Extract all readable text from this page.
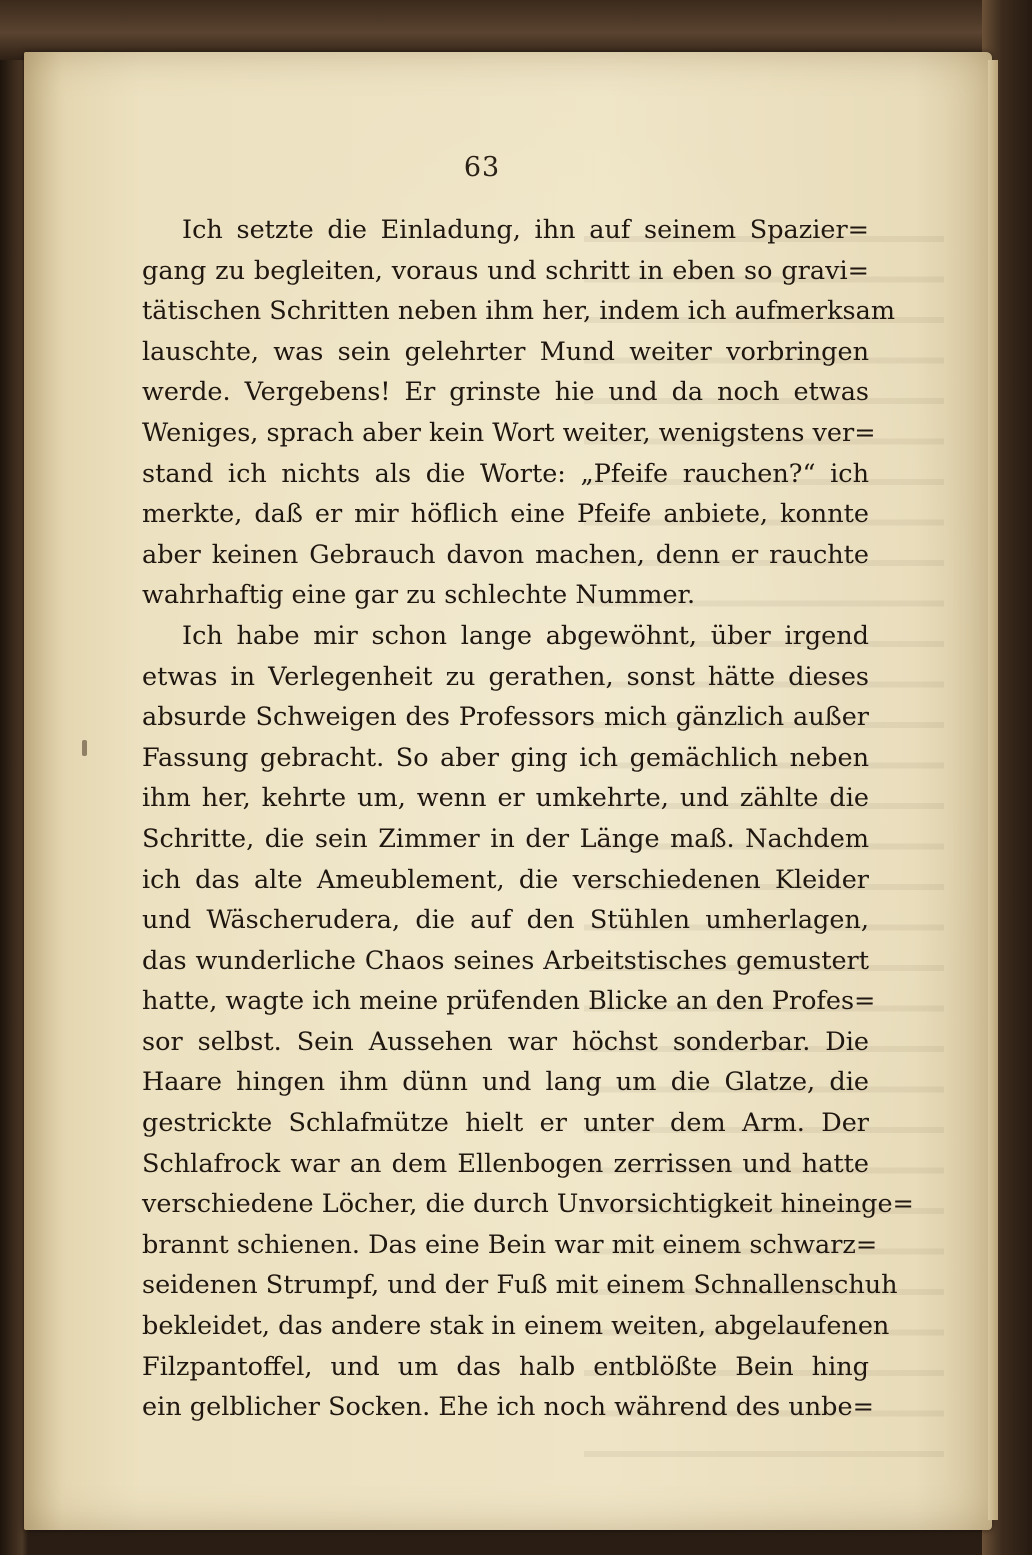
63
Ich setzte die Einladung, ihn auf seinem Spazier=
gang zu begleiten, voraus und schritt in eben so gravi=
tätischen Schritten neben ihm her, indem ich aufmerksam
lauschte, was sein gelehrter Mund weiter vorbringen
werde. Vergebens! Er grinste hie und da noch etwas
Weniges, sprach aber kein Wort weiter, wenigstens ver=
stand ich nichts als die Worte: „Pfeife rauchen?“ ich
merkte, daß er mir höflich eine Pfeife anbiete, konnte
aber keinen Gebrauch davon machen, denn er rauchte
wahrhaftig eine gar zu schlechte Nummer.
Ich habe mir schon lange abgewöhnt, über irgend
etwas in Verlegenheit zu gerathen, sonst hätte dieses
absurde Schweigen des Professors mich gänzlich außer
Fassung gebracht. So aber ging ich gemächlich neben
ihm her, kehrte um, wenn er umkehrte, und zählte die
Schritte, die sein Zimmer in der Länge maß. Nachdem
ich das alte Ameublement, die verschiedenen Kleider
und Wäscherudera, die auf den Stühlen umherlagen,
das wunderliche Chaos seines Arbeitstisches gemustert
hatte, wagte ich meine prüfenden Blicke an den Profes=
sor selbst. Sein Aussehen war höchst sonderbar. Die
Haare hingen ihm dünn und lang um die Glatze, die
gestrickte Schlafmütze hielt er unter dem Arm. Der
Schlafrock war an dem Ellenbogen zerrissen und hatte
verschiedene Löcher, die durch Unvorsichtigkeit hineinge=
brannt schienen. Das eine Bein war mit einem schwarz=
seidenen Strumpf, und der Fuß mit einem Schnallenschuh
bekleidet, das andere stak in einem weiten, abgelaufenen
Filzpantoffel, und um das halb entblößte Bein hing
ein gelblicher Socken. Ehe ich noch während des unbe=
